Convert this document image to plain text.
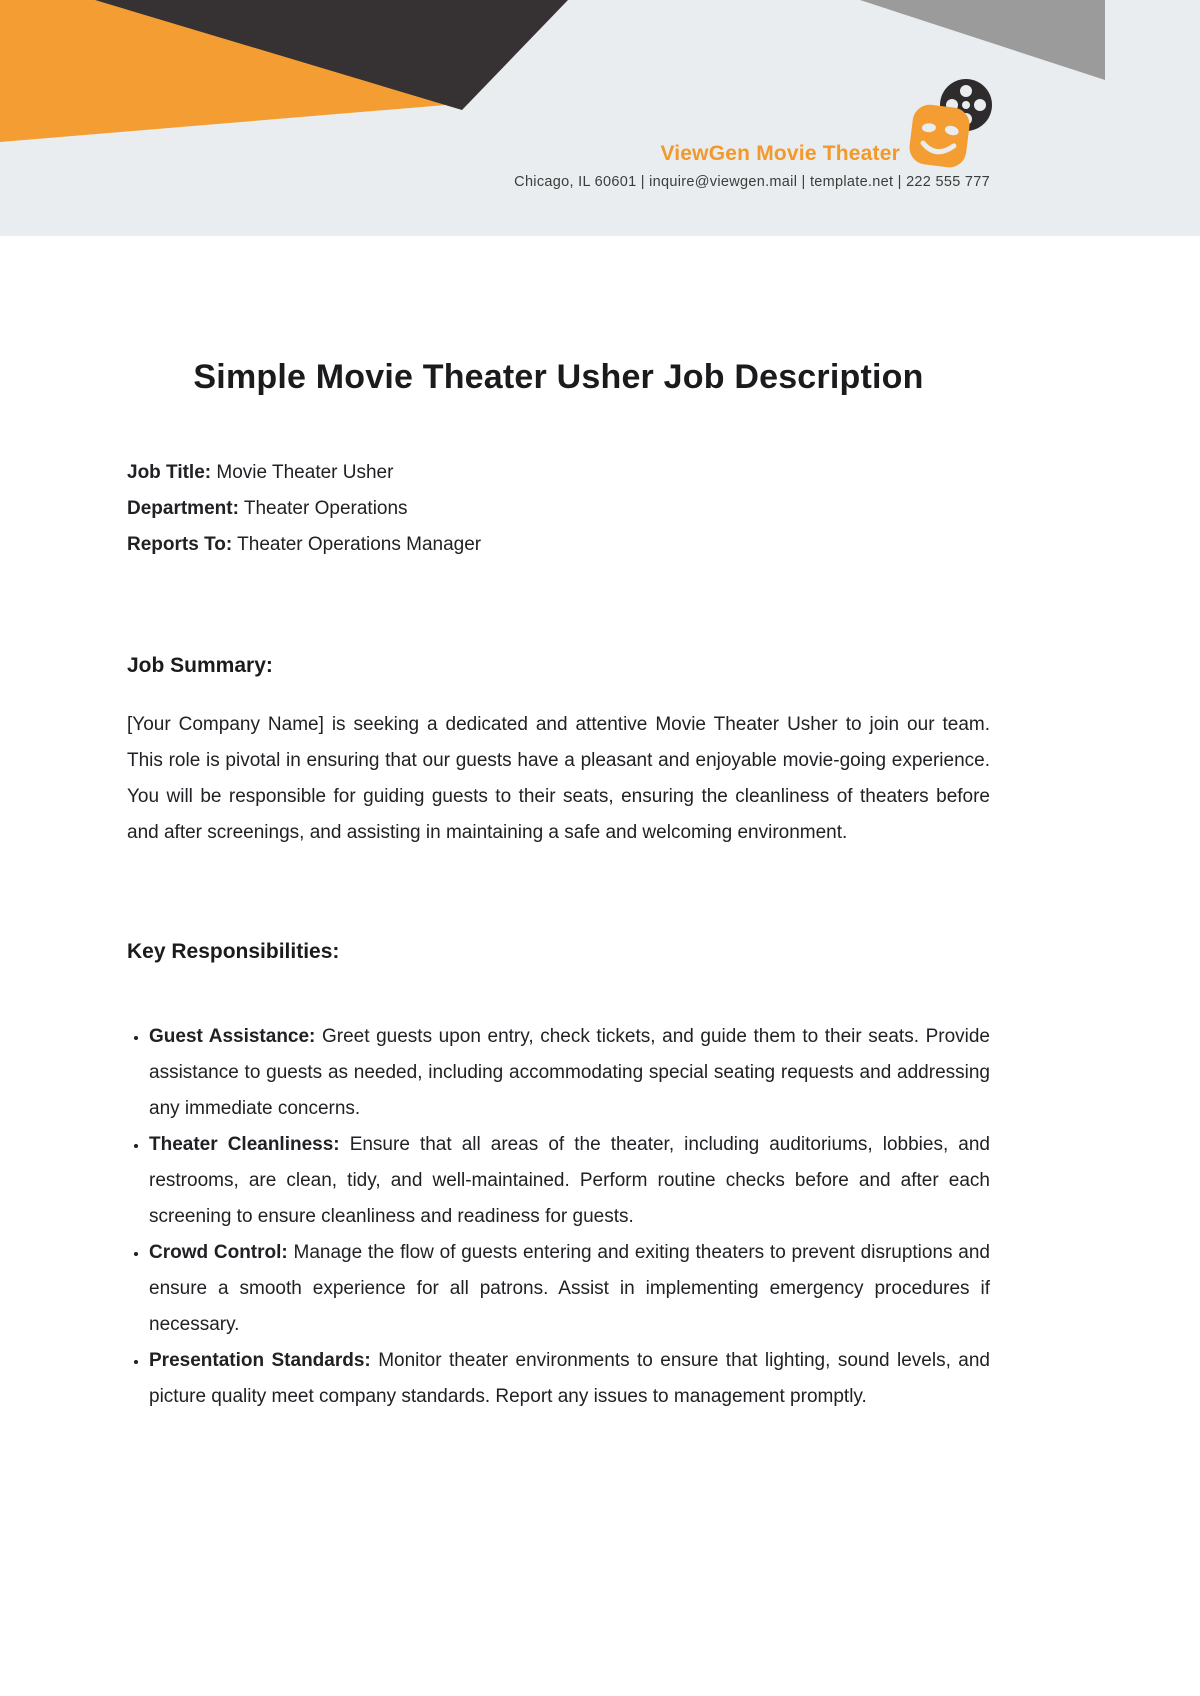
ViewGen Movie Theater
Chicago, IL 60601 | inquire@viewgen.mail | template.net | 222 555 777
Simple Movie Theater Usher Job Description

Job Title: Movie Theater Usher

Department: Theater Operations

Reports To: Theater Operations Manager

Job Summary:

[Your Company Name] is seeking a dedicated and attentive Movie Theater Usher to join our team. This role is pivotal in ensuring that our guests have a pleasant and enjoyable movie-going experience. You will be responsible for guiding guests to their seats, ensuring the cleanliness of theaters before and after screenings, and assisting in maintaining a safe and welcoming environment.

Key Responsibilities:
• Guest Assistance: Greet guests upon entry, check tickets, and guide them to their seats. Provide assistance to guests as needed, including accommodating special seating requests and addressing any immediate concerns.
• Theater Cleanliness: Ensure that all areas of the theater, including auditoriums, lobbies, and restrooms, are clean, tidy, and well-maintained. Perform routine checks before and after each screening to ensure cleanliness and readiness for guests.
• Crowd Control: Manage the flow of guests entering and exiting theaters to prevent disruptions and ensure a smooth experience for all patrons. Assist in implementing emergency procedures if necessary.
• Presentation Standards: Monitor theater environments to ensure that lighting, sound levels, and picture quality meet company standards. Report any issues to management promptly.
